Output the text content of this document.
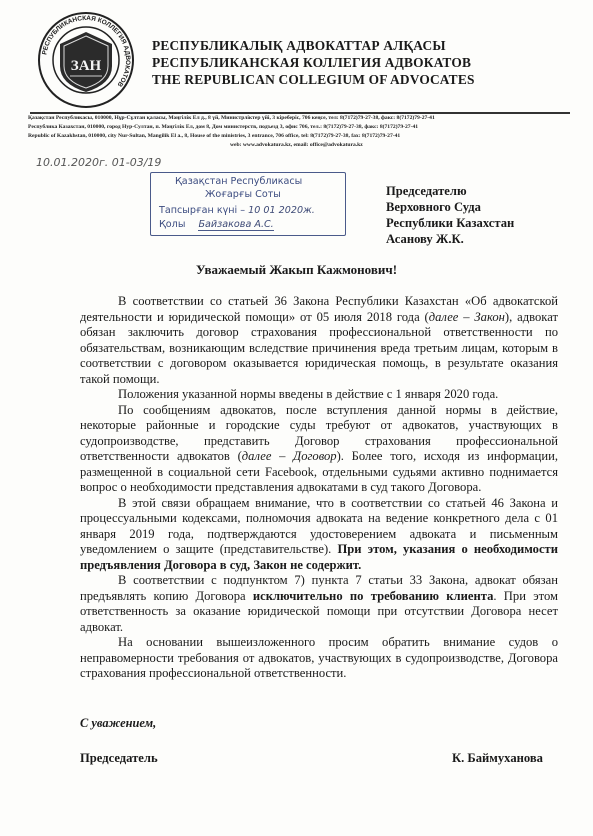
РЕСПУБЛИКАНСКАЯ КОЛЛЕГИЯ АДВОКАТОВ
ЗАН
РЕСПУБЛИКАЛЫҚ АДВОКАТТАР АЛҚАСЫ
РЕСПУБЛИКАНСКАЯ КОЛЛЕГИЯ АДВОКАТОВ
THE REPUBLICAN COLLEGIUM OF ADVOCATES
Қазақстан Республикасы, 010000, Нұр-Сұлтан қаласы, Мәңгілік Ел д., 8 үй, Министрліктер үйі, 3 кіреберіс, 706 кеңсе, тел: 8(7172)79-27-38, факс: 8(7172)79-27-41
Республика Казахстан, 010000, город Нур-Султан, п. Мәңгілік Ел, дом 8, Дом министерств, подъезд 3, офис 706, тел.: 8(7172)79-27-38, факс: 8(7172)79-27-41
Republic of Kazakhstan, 010000, city Nur-Sultan, Mangilik El a., 8, House of the ministries, 3 entrance, 706 office, tel: 8(7172)79-27-38, fax: 8(7172)79-27-41
web: www.advokatura.kz, email: office@advokatura.kz
10.01.2020г. 01-03/19
Қазақстан Республикасы
Жоғарғы Соты
Тапсырған күні – 10 01 2020ж.
Қолы Байзакова А.С.
Председателю
Верховного Суда
Республики Казахстан
Асанову Ж.К.
Уважаемый Жакып Кажмонович!

В соответствии со статьей 36 Закона Республики Казахстан «Об адвокатской деятельности и юридической помощи» от 05 июля 2018 года (далее – Закон), адвокат обязан заключить договор страхования профессиональной ответственности по обязательствам, возникающим вследствие причинения вреда третьим лицам, которым в соответствии с договором оказывается юридическая помощь, в результате оказания такой помощи.

Положения указанной нормы введены в действие с 1 января 2020 года.

По сообщениям адвокатов, после вступления данной нормы в действие, некоторые районные и городские суды требуют от адвокатов, участвующих в судопроизводстве, представить Договор страхования профессиональной ответственности адвокатов (далее – Договор). Более того, исходя из информации, размещенной в социальной сети Facebook, отдельными судьями активно поднимается вопрос о необходимости представления адвокатами в суд такого Договора.

В этой связи обращаем внимание, что в соответствии со статьей 46 Закона и процессуальными кодексами, полномочия адвоката на ведение конкретного дела с 01 января 2019 года, подтверждаются удостоверением адвоката и письменным уведомлением о защите (представительстве). При этом, указания о необходимости предъявления Договора в суд, Закон не содержит.

В соответствии с подпунктом 7) пункта 7 статьи 33 Закона, адвокат обязан предъявлять копию Договора исключительно по требованию клиента. При этом ответственность за оказание юридической помощи при отсутствии Договора несет адвокат.

На основании вышеизложенного просим обратить внимание судов о неправомерности требования от адвокатов, участвующих в судопроизводстве, Договора страхования профессиональной ответственности.

С уважением,
Председатель	К. Баймуханова
